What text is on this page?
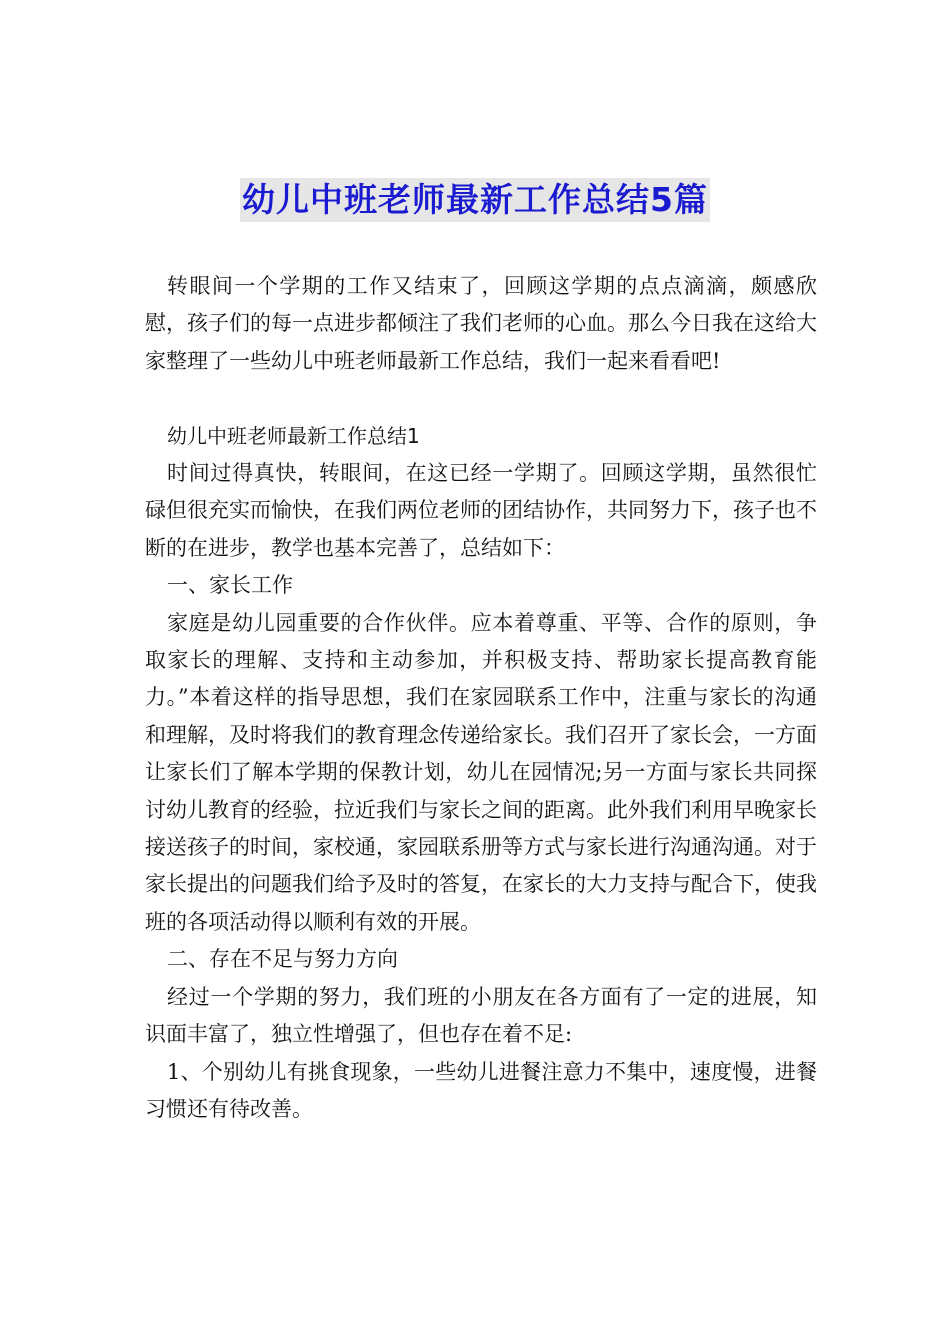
幼儿中班老师最新工作总结5篇

转眼间一个学期的工作又结束了，回顾这学期的点点滴滴，颇感欣慰，孩子们的每一点进步都倾注了我们老师的心血。那么今日我在这给大家整理了一些幼儿中班老师最新工作总结，我们一起来看看吧!

幼儿中班老师最新工作总结1

时间过得真快，转眼间，在这已经一学期了。回顾这学期，虽然很忙碌但很充实而愉快，在我们两位老师的团结协作，共同努力下，孩子也不断的在进步，教学也基本完善了，总结如下：

一、家长工作

家庭是幼儿园重要的合作伙伴。应本着尊重、平等、合作的原则，争取家长的理解、支持和主动参加，并积极支持、帮助家长提高教育能力。”本着这样的指导思想，我们在家园联系工作中，注重与家长的沟通和理解，及时将我们的教育理念传递给家长。我们召开了家长会，一方面让家长们了解本学期的保教计划，幼儿在园情况;另一方面与家长共同探讨幼儿教育的经验，拉近我们与家长之间的距离。此外我们利用早晚家长接送孩子的时间，家校通，家园联系册等方式与家长进行沟通沟通。对于家长提出的问题我们给予及时的答复，在家长的大力支持与配合下，使我班的各项活动得以顺利有效的开展。

二、存在不足与努力方向

经过一个学期的努力，我们班的小朋友在各方面有了一定的进展，知识面丰富了，独立性增强了，但也存在着不足:

1、个别幼儿有挑食现象，一些幼儿进餐注意力不集中，速度慢，进餐习惯还有待改善。
